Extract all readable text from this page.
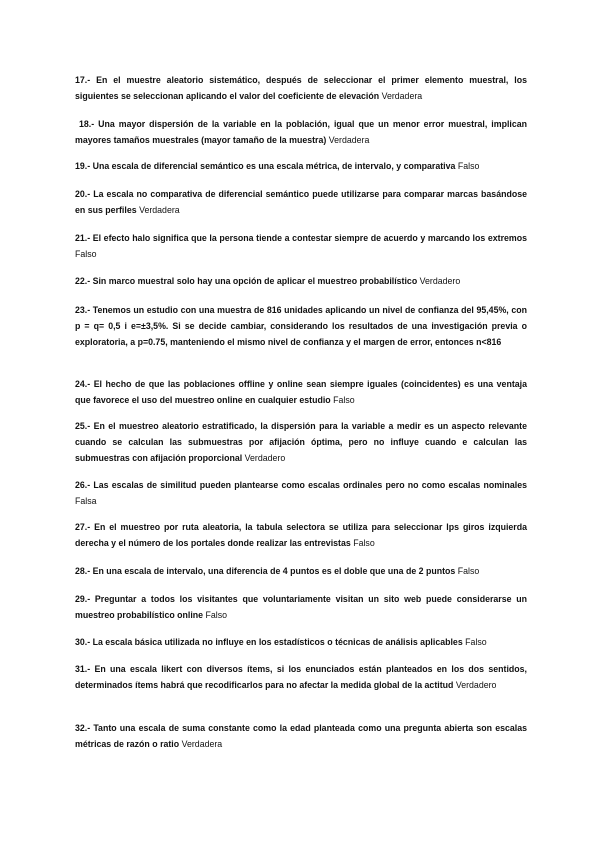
17.- En el muestre aleatorio sistemático, después de seleccionar el primer elemento muestral, los siguientes se seleccionan aplicando el valor del coeficiente de elevación Verdadera

18.- Una mayor dispersión de la variable en la población, igual que un menor error muestral, implican mayores tamaños muestrales (mayor tamaño de la muestra) Verdadera

19.- Una escala de diferencial semántico es una escala métrica, de intervalo, y comparativa Falso

20.- La escala no comparativa de diferencial semántico puede utilizarse para comparar marcas basándose en sus perfiles Verdadera

21.- El efecto halo significa que la persona tiende a contestar siempre de acuerdo y marcando los extremos Falso

22.- Sin marco muestral solo hay una opción de aplicar el muestreo probabilístico Verdadero

23.- Tenemos un estudio con una muestra de 816 unidades aplicando un nivel de confianza del 95,45%, con p = q= 0,5 i e=±3,5%. Si se decide cambiar, considerando los resultados de una investigación previa o exploratoria, a p=0.75, manteniendo el mismo nivel de confianza y el margen de error, entonces n<816

24.- El hecho de que las poblaciones offline y online sean siempre iguales (coincidentes) es una ventaja que favorece el uso del muestreo online en cualquier estudio Falso

25.- En el muestreo aleatorio estratificado, la dispersión para la variable a medir es un aspecto relevante cuando se calculan las submuestras por afijación óptima, pero no influye cuando e calculan las submuestras con afijación proporcional Verdadero

26.- Las escalas de similitud pueden plantearse como escalas ordinales pero no como escalas nominales Falsa

27.- En el muestreo por ruta aleatoria, la tabula selectora se utiliza para seleccionar lps giros izquierda derecha y el número de los portales donde realizar las entrevistas Falso

28.- En una escala de intervalo, una diferencia de 4 puntos es el doble que una de 2 puntos Falso

29.- Preguntar a todos los visitantes que voluntariamente visitan un sito web puede considerarse un muestreo probabilístico online Falso

30.- La escala básica utilizada no influye en los estadísticos o técnicas de análisis aplicables Falso

31.- En una escala likert con diversos ítems, si los enunciados están planteados en los dos sentidos, determinados ítems habrá que recodificarlos para no afectar la medida global de la actitud Verdadero

32.- Tanto una escala de suma constante como la edad planteada como una pregunta abierta son escalas métricas de razón o ratio Verdadera
